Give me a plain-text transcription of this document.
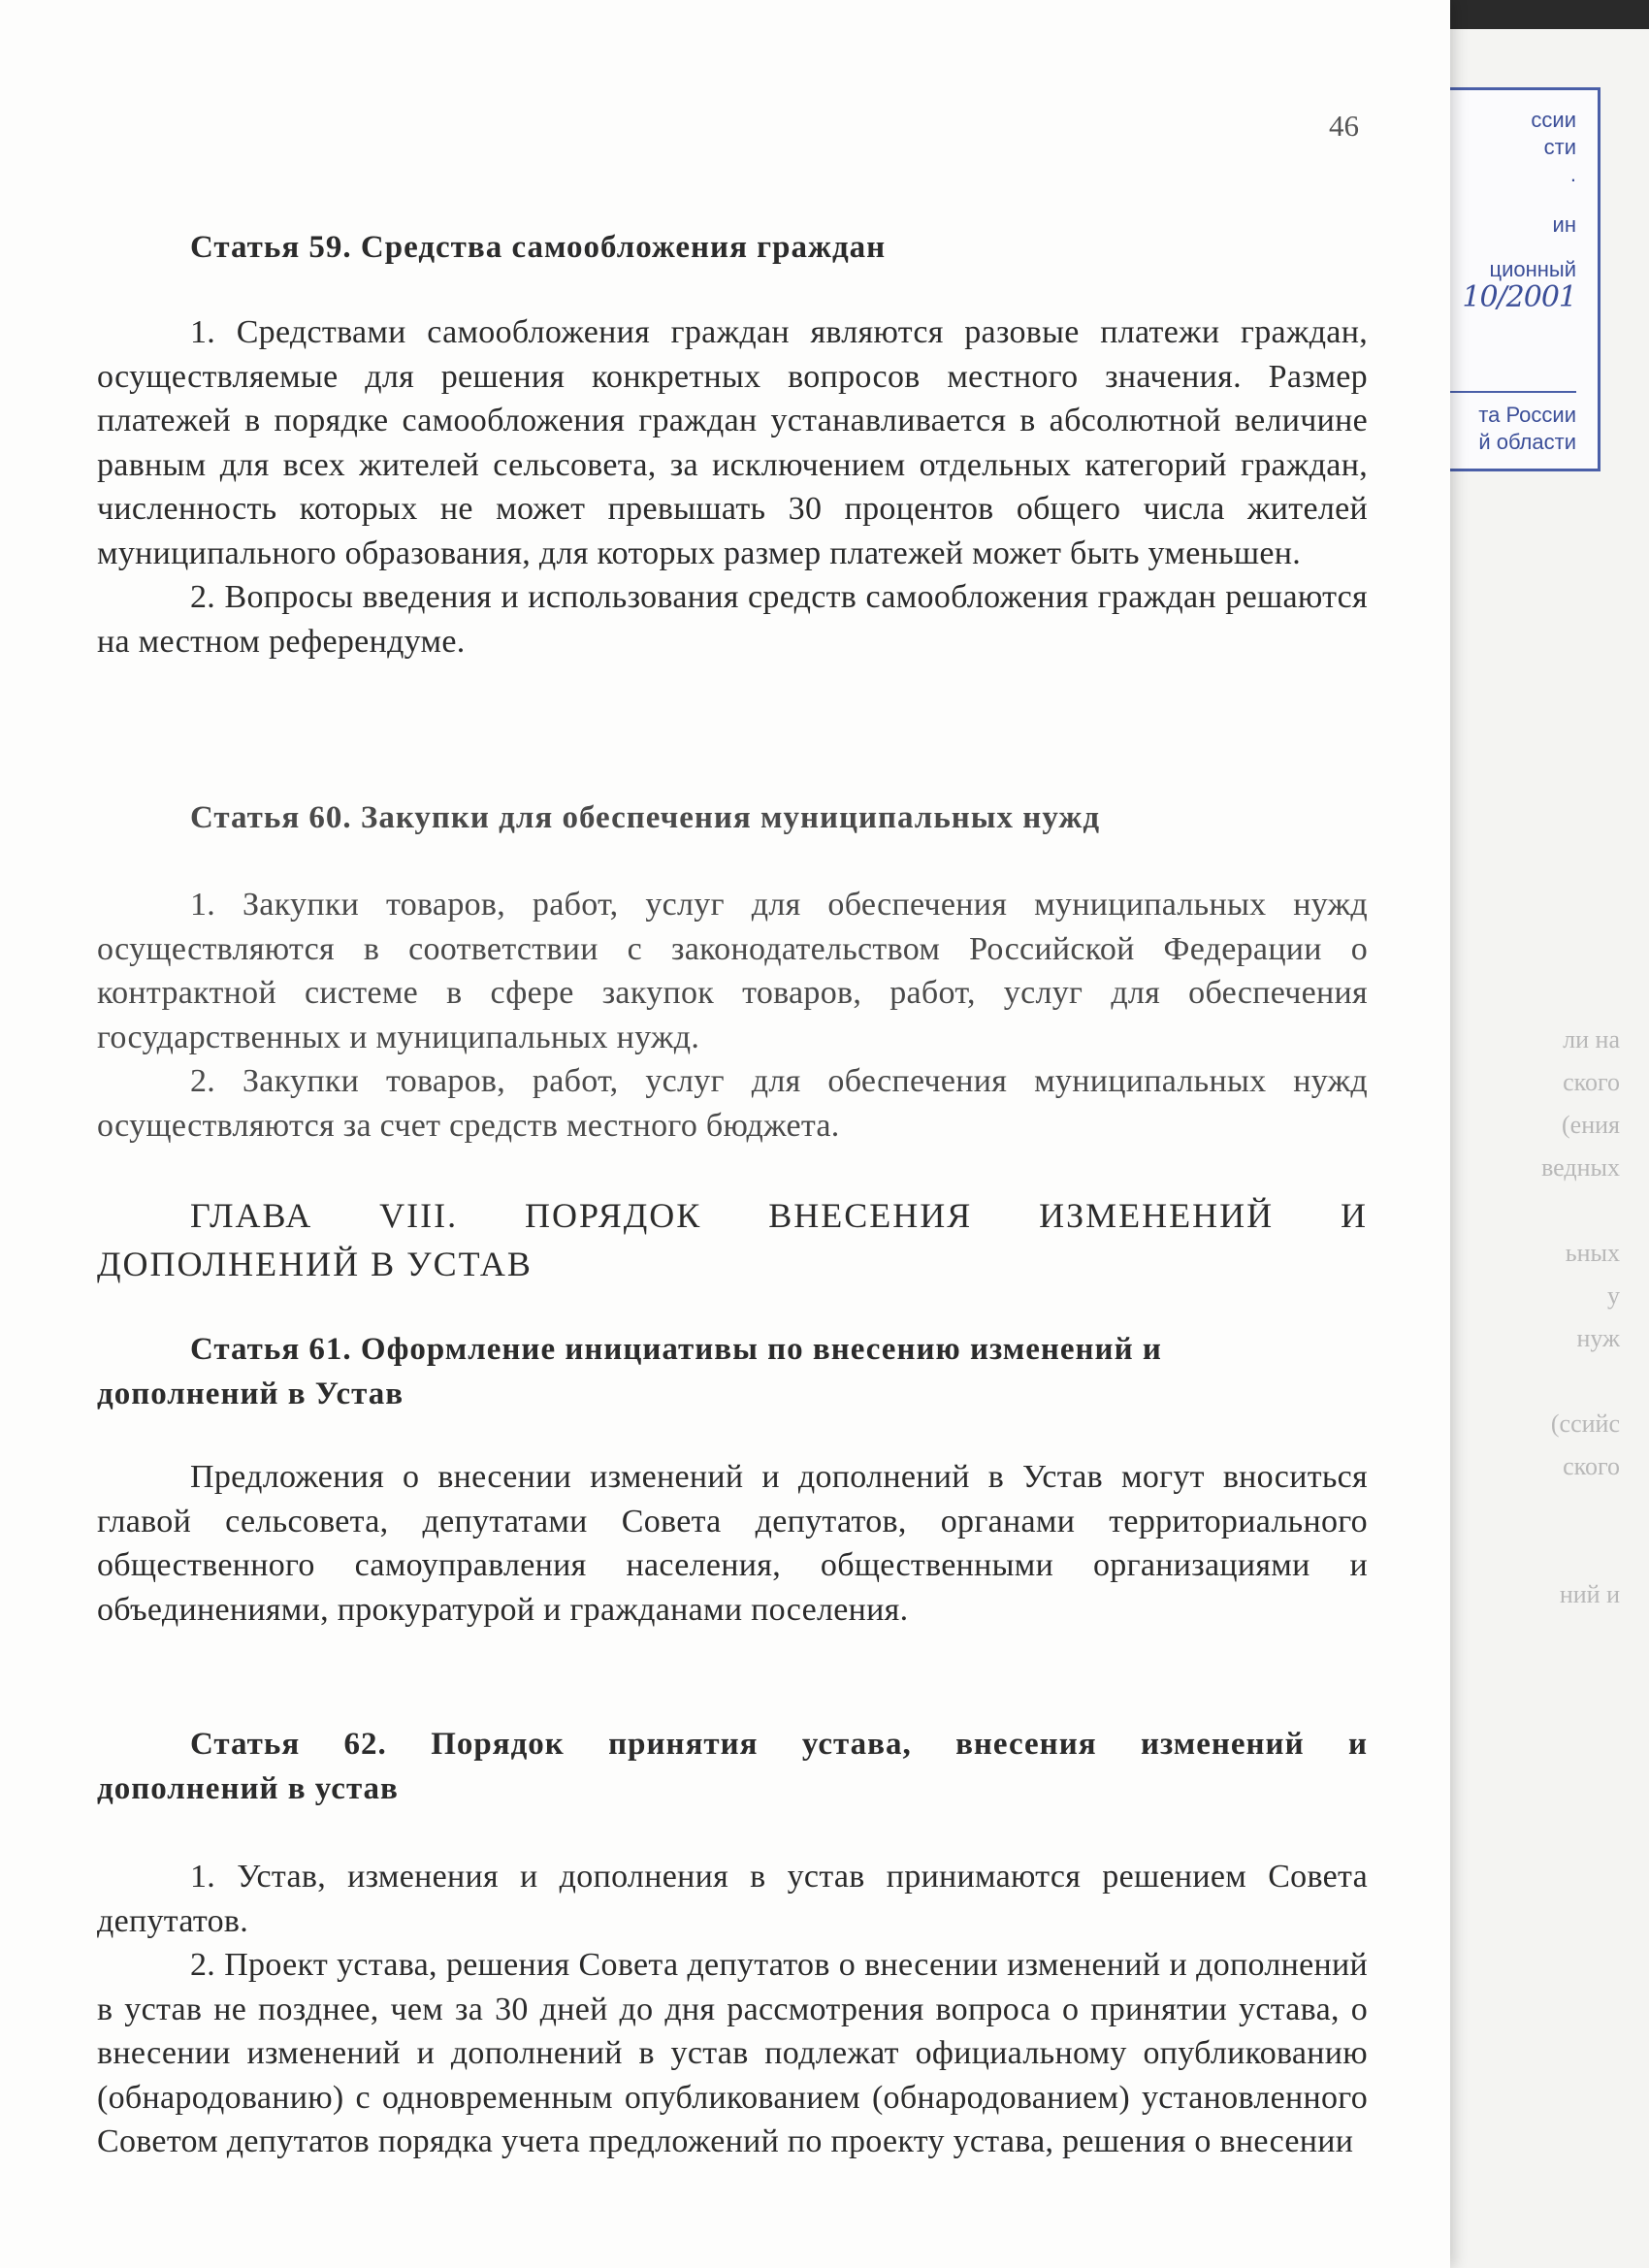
ли на
ского
(ения
ведных
ьных
у
нуж
(ссийс
ского
ний и
ссии
сти
.
ин
ционный
10/2001
та России
й области
46
Статья 59. Средства самообложения граждан

1. Средствами самообложения граждан являются разовые платежи граждан, осуществляемые для решения конкретных вопросов местного значения. Размер платежей в порядке самообложения граждан устанавливается в абсолютной величине равным для всех жителей сельсовета, за исключением отдельных категорий граждан, численность которых не может превышать 30 процентов общего числа жителей муниципального образования, для которых размер платежей может быть уменьшен.

2. Вопросы введения и использования средств самообложения граждан решаются на местном референдуме.

Статья 60. Закупки для обеспечения муниципальных нужд

1. Закупки товаров, работ, услуг для обеспечения муниципальных нужд осуществляются в соответствии с законодательством Российской Федерации о контрактной системе в сфере закупок товаров, работ, услуг для обеспечения государственных и муниципальных нужд.

2. Закупки товаров, работ, услуг для обеспечения муниципальных нужд осуществляются за счет средств местного бюджета.

ГЛАВА VIII. ПОРЯДОК ВНЕСЕНИЯ ИЗМЕНЕНИЙ И
ДОПОЛНЕНИЙ В УСТАВ
Статья 61. Оформление инициативы по внесению изменений и
дополнений в Устав

Предложения о внесении изменений и дополнений в Устав могут вноситься главой сельсовета, депутатами Совета депутатов, органами территориального общественного самоуправления населения, общественными организациями и объединениями, прокуратурой и гражданами поселения.

Статья 62. Порядок принятия устава, внесения изменений и
дополнений в устав

1. Устав, изменения и дополнения в устав принимаются решением Совета депутатов.

2. Проект устава, решения Совета депутатов о внесении изменений и дополнений в устав не позднее, чем за 30 дней до дня рассмотрения вопроса о принятии устава, о внесении изменений и дополнений в устав подлежат официальному опубликованию (обнародованию) с одновременным опубликованием (обнародованием) установленного Советом депутатов порядка учета предложений по проекту устава, решения о внесении
